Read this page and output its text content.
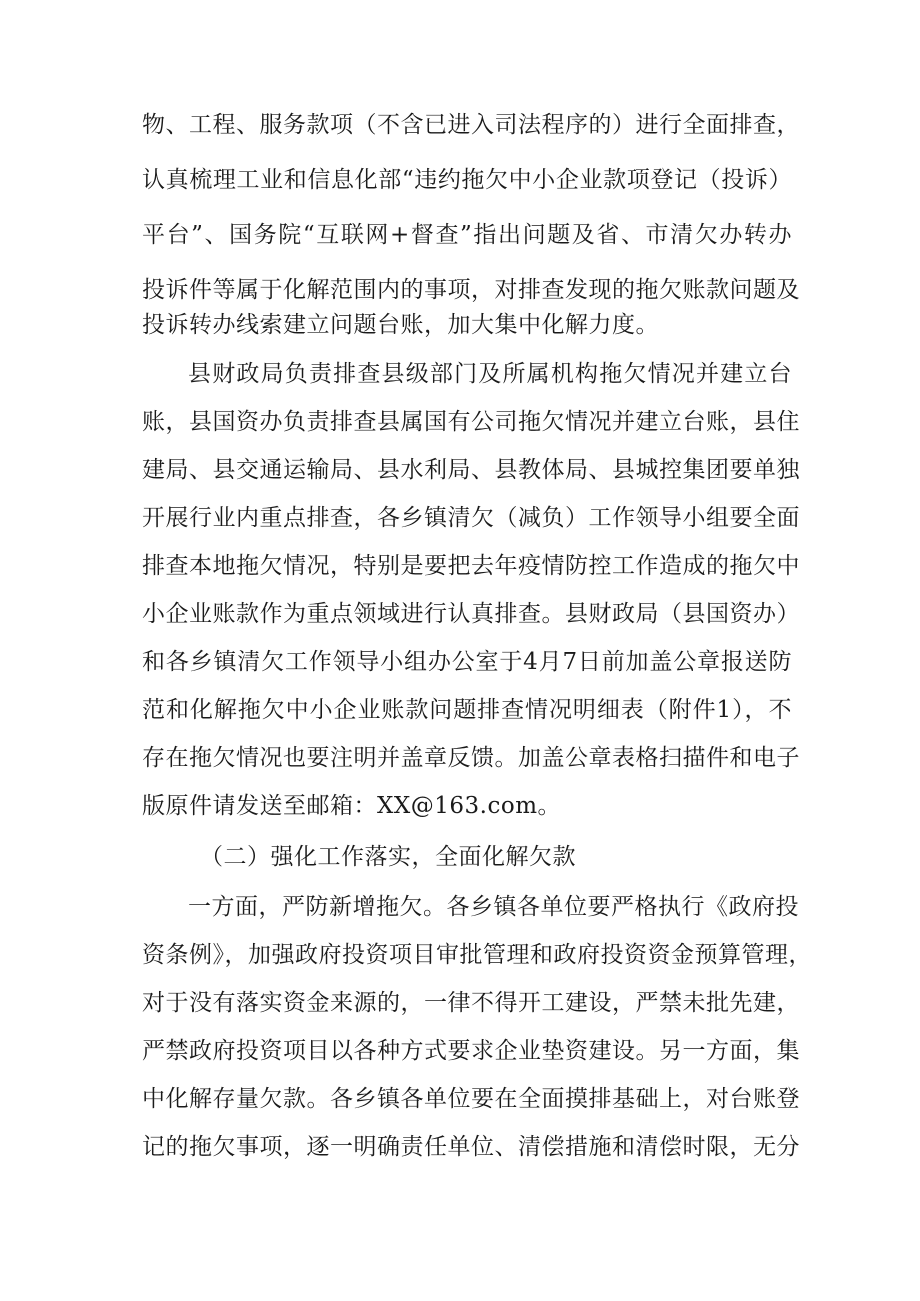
物、工程、服务款项（不含已进入司法程序的）进行全面排查，

认真梳理工业和信息化部“违约拖欠中小企业款项登记（投诉）

平台”、国务院“互联网+督查”指出问题及省、市清欠办转办

投诉件等属于化解范围内的事项，对排查发现的拖欠账款问题及

投诉转办线索建立问题台账，加大集中化解力度。

县财政局负责排查县级部门及所属机构拖欠情况并建立台

账，县国资办负责排查县属国有公司拖欠情况并建立台账，县住

建局、县交通运输局、县水利局、县教体局、县城控集团要单独

开展行业内重点排查，各乡镇清欠（减负）工作领导小组要全面

排查本地拖欠情况，特别是要把去年疫情防控工作造成的拖欠中

小企业账款作为重点领域进行认真排查。县财政局（县国资办）

和各乡镇清欠工作领导小组办公室于4月7日前加盖公章报送防

范和化解拖欠中小企业账款问题排查情况明细表（附件1），不

存在拖欠情况也要注明并盖章反馈。加盖公章表格扫描件和电子

版原件请发送至邮箱：XX@163.com。

（二）强化工作落实，全面化解欠款

一方面，严防新增拖欠。各乡镇各单位要严格执行《政府投

资条例》，加强政府投资项目审批管理和政府投资资金预算管理，

对于没有落实资金来源的，一律不得开工建设，严禁未批先建，

严禁政府投资项目以各种方式要求企业垫资建设。另一方面，集

中化解存量欠款。各乡镇各单位要在全面摸排基础上，对台账登

记的拖欠事项，逐一明确责任单位、清偿措施和清偿时限，无分
